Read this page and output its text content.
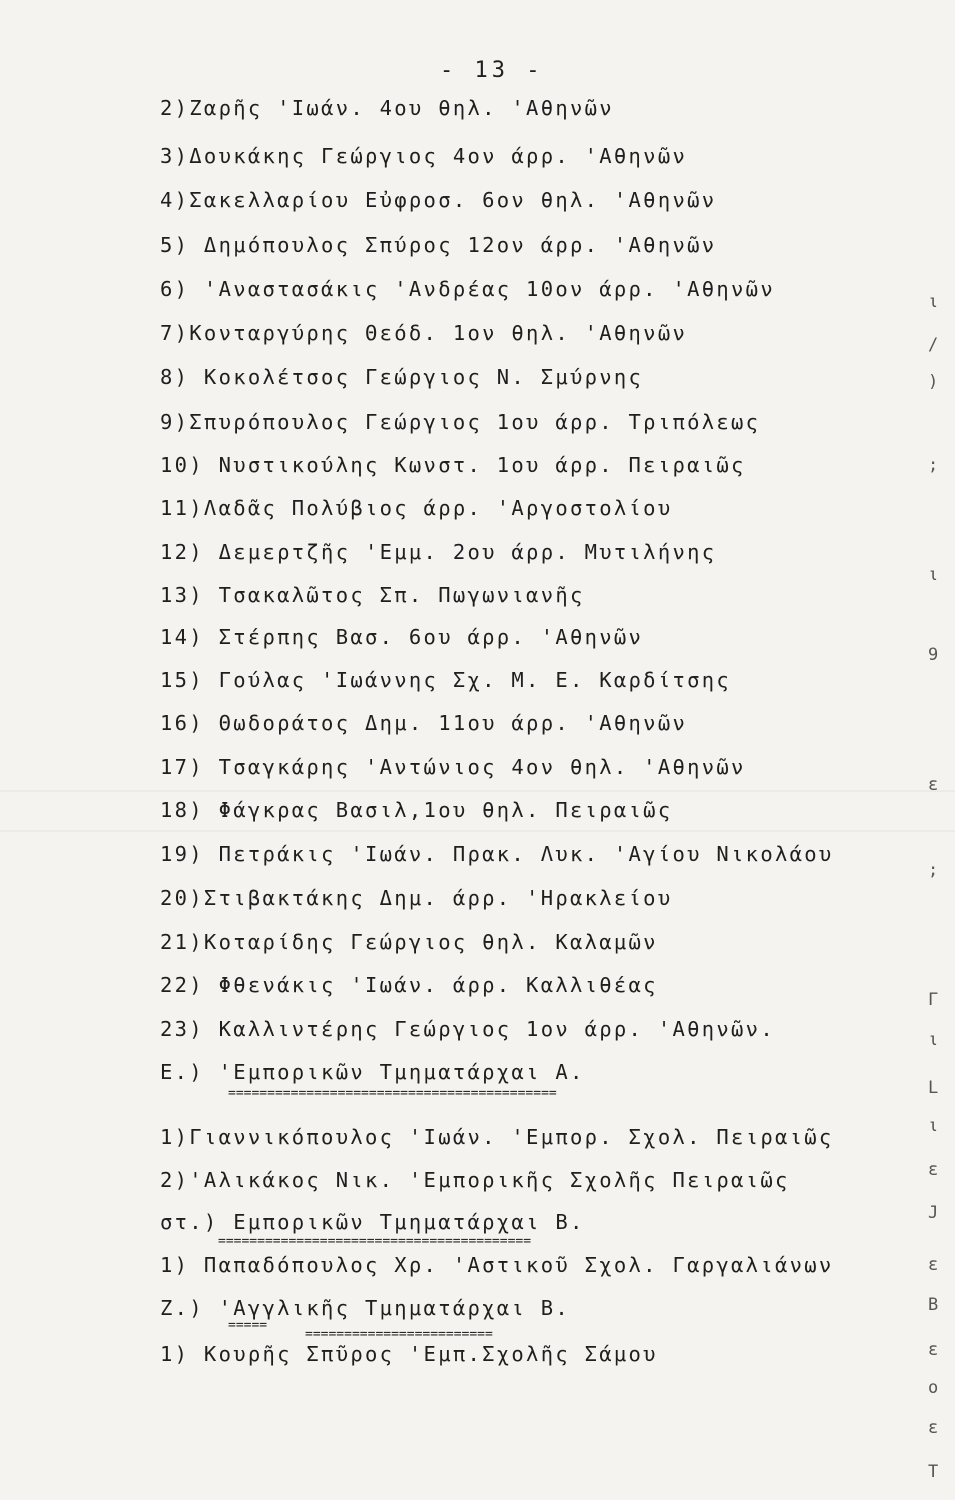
- 13 -
2)Ζαρῆς 'Ιωάν. 4ου θηλ. 'Αθηνῶν
3)Δουκάκης Γεώργιος 4ον άρρ. 'Αθηνῶν
4)Σακελλαρίου Εὐφροσ. 6ον θηλ. 'Αθηνῶν
5) Δημόπουλος Σπύρος 12ον άρρ. 'Αθηνῶν
6) 'Αναστασάκις 'Ανδρέας 10ον άρρ. 'Αθηνῶν
7)Κονταργύρης Θεόδ. 1ον θηλ. 'Αθηνῶν
8) Κοκολέτσος Γεώργιος Ν. Σμύρνης
9)Σπυρόπουλος Γεώργιος 1ου άρρ. Τριπόλεως
10) Νυστικούλης Κωνστ. 1ου άρρ. Πειραιῶς
11)Λαδᾶς Πολύβιος άρρ. 'Αργοστολίου
12) Δεμερτζῆς 'Εμμ. 2ου άρρ. Μυτιλήνης
13) Τσακαλῶτος Σπ. Πωγωνιανῆς
14) Στέρπης Βασ. 6ου άρρ. 'Αθηνῶν
15) Γούλας 'Ιωάννης Σχ. Μ. Ε. Καρδίτσης
16) Θωδοράτος Δημ. 11ου άρρ. 'Αθηνῶν
17) Τσαγκάρης 'Αντώνιος 4ον θηλ. 'Αθηνῶν
18) Φάγκρας Βασιλ,1ου θηλ. Πειραιῶς
19) Πετράκις 'Ιωάν. Πρακ. Λυκ. 'Αγίου Νικολάου
20)Στιβακτάκης Δημ. άρρ. 'Ηρακλείου
21)Κοταρίδης Γεώργιος θηλ. Καλαμῶν
22) Φθενάκις 'Ιωάν. άρρ. Καλλιθέας
23) Καλλιντέρης Γεώργιος 1ον άρρ. 'Αθηνῶν.
Ε.) 'Εμπορικῶν Τμηματάρχαι Α.
==========================================
1)Γιαννικόπουλος 'Ιωάν. 'Εμπορ. Σχολ. Πειραιῶς
2)'Αλικάκος Νικ. 'Εμπορικῆς Σχολῆς Πειραιῶς
στ.) Εμπορικῶν Τμηματάρχαι Β.
========================================
1) Παπαδόπουλος Χρ. 'Αστικοῦ Σχολ. Γαργαλιάνων
Ζ.) 'Αγγλικῆς Τμηματάρχαι Β.
=====
========================
1) Κουρῆς Σπῦρος 'Εμπ.Σχολῆς Σάμου
ι
/
)
;
ι
9
ε
;
Γ
ι
L
ι
ε
J
ε
Β
ε
ο
ε
Τ
